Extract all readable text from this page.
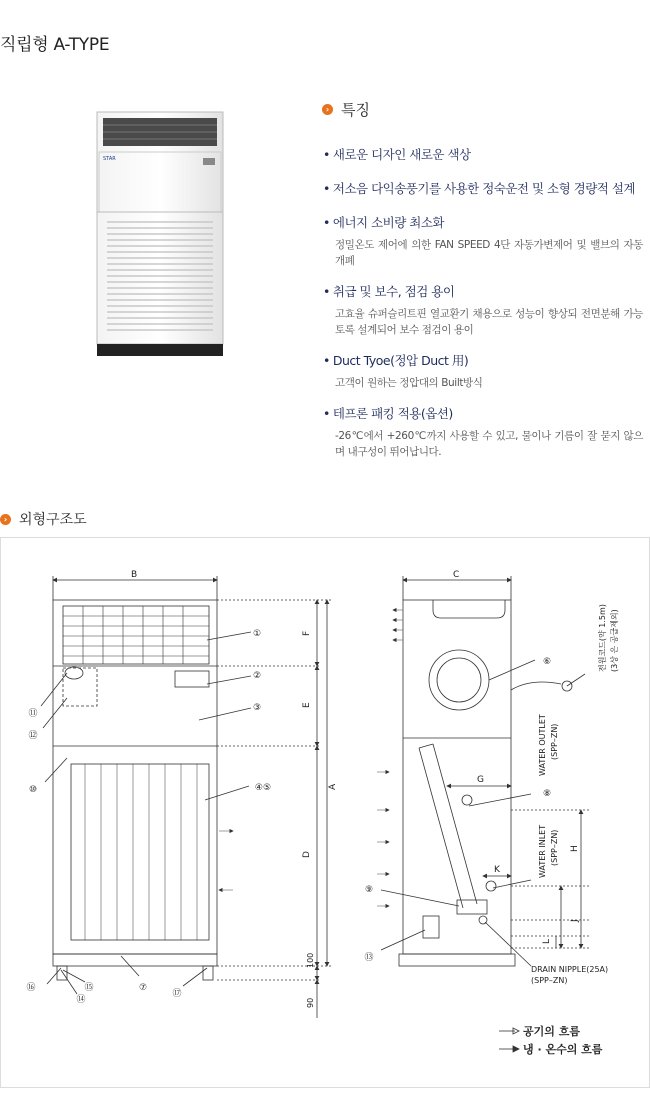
직립형 A-TYPE
STAR
› 특징
• 새로운 디자인 새로운 색상
• 저소음 다익송풍기를 사용한 정숙운전 및 소형 경량적 설계
• 에너지 소비량 최소화
정밀온도 제어에 의한 FAN SPEED 4단 자동가변제어 및 밸브의 자동개폐
• 취급 및 보수, 점검 용이
고효율 슈퍼슬리트핀 열교환기 채용으로 성능이 향상되 전면분해 가능토록 설계되어 보수 점검이 용이
• Duct Tyoe(정압 Duct 用)
고객이 원하는 정압대의 Built방식
• 테프론 패킹 적용(옵션)
-26℃에서 +260℃까지 사용할 수 있고, 물이나 기름이 잘 묻지 않으며 내구성이 뛰어납니다.
› 외형구조도
B	C
G
K
F
E
D
A
100
90
H
J
L
①
②
③
④⑤
⑥
⑦
⑧
⑨
⑩
⑪
⑫
⑬
⑭
⑮
⑯
⑰
WATER OUTLET (SPP–ZN)
WATER INLET (SPP–ZN)
DRAIN NIPPLE(25A)
(SPP–ZN)
전원코드(약 1.5m) (3상 은 공급제외)
공기의 흐름
냉 · 온수의 흐름
